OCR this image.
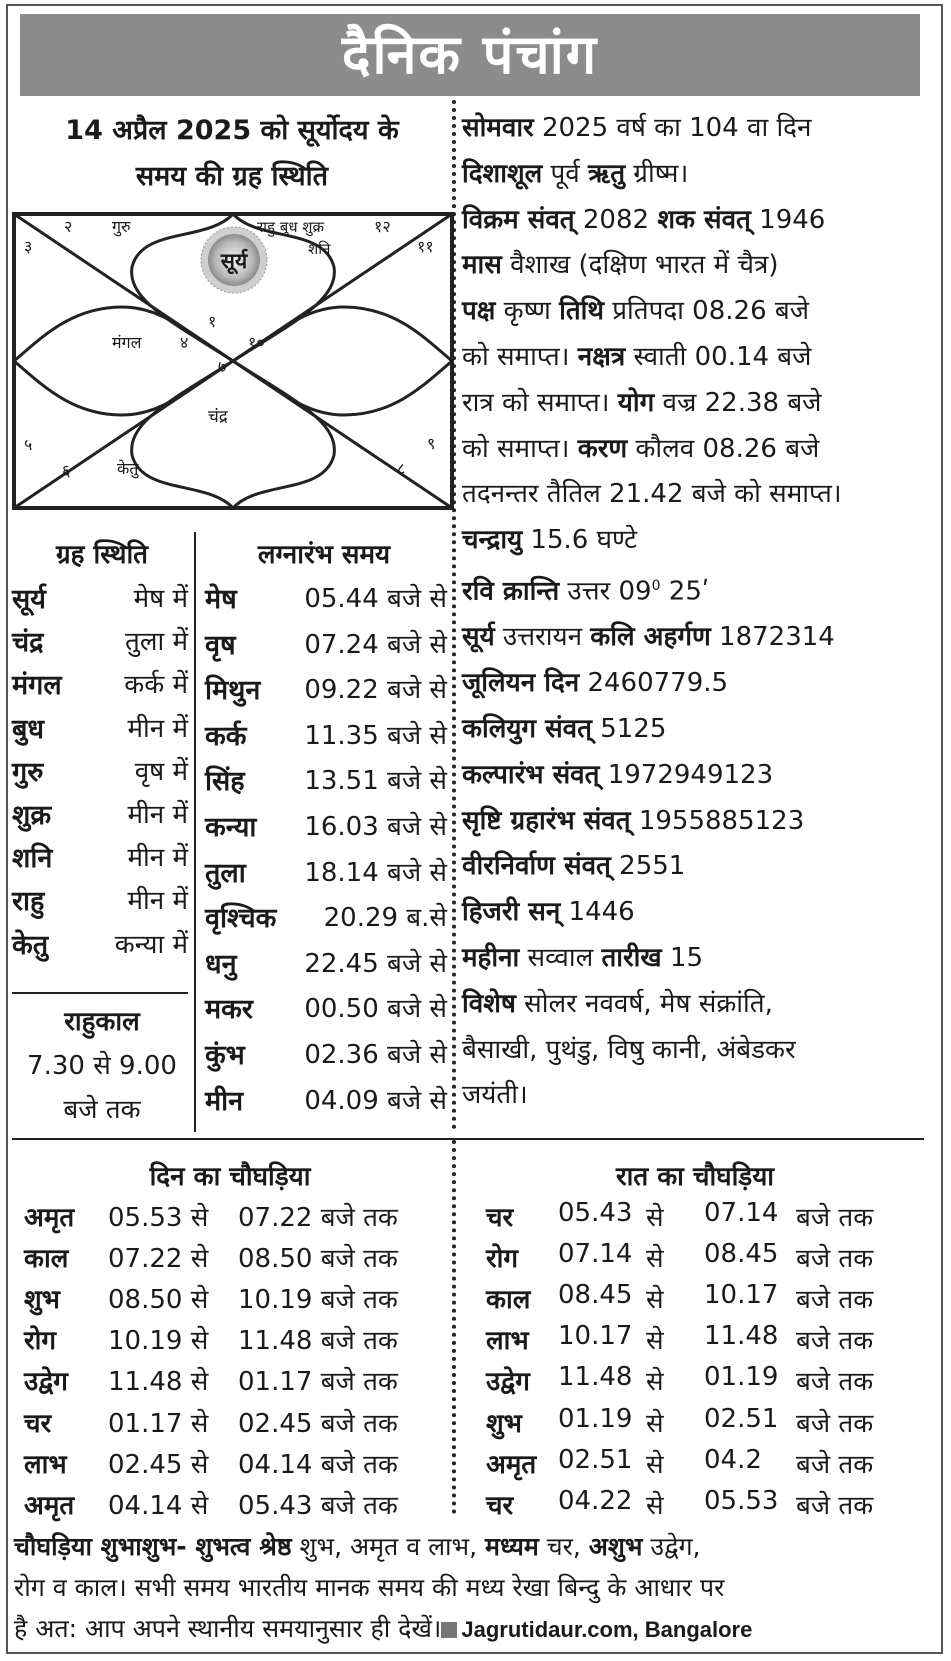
दैनिक पंचांग
14 अप्रैल 2025 को सूर्योदय के
समय की ग्रह स्थिति
सूर्य
गुरु	राहु बुध शुक्र
शनि
मंगल
चंद्र
केतु
१
२
३
४
५
६
७
८
९
१०
११
१२
सोमवार 2025 वर्ष का 104 वा दिन
दिशाशूल पूर्व ऋतु ग्रीष्म।
विक्रम संवत् 2082 शक संवत् 1946
मास वैशाख (दक्षिण भारत में चैत्र)
पक्ष कृष्ण तिथि प्रतिपदा 08.26 बजे
को समाप्त। नक्षत्र स्वाती 00.14 बजे
रात्र को समाप्त। योग वज्र 22.38 बजे
को समाप्त। करण कौलव 08.26 बजे
तदनन्तर तैतिल 21.42 बजे को समाप्त।
चन्द्रायु 15.6 घण्टे
रवि क्रान्ति उत्तर $09^0$ 25ʹ
सूर्य उत्तरायन कलि अहर्गण 1872314
जूलियन दिन 2460779.5
कलियुग संवत् 5125
कल्पारंभ संवत् 1972949123
सृष्टि ग्रहारंभ संवत् 1955885123
वीरनिर्वाण संवत् 2551
हिजरी सन् 1446
महीना सव्वाल तारीख 15
विशेष सोलर नववर्ष, मेष संक्रांति,
बैसाखी, पुथंडु, विषु कानी, अंबेडकर
जयंती।
ग्रह स्थिति	लग्नारंभ समय
सूर्य	मेष में
चंद्र	तुला में
मंगल	कर्क में
बुध	मीन में
गुरु	वृष में
शुक्र	मीन में
शनि	मीन में
राहु	मीन में
केतु	कन्या में
मेष	05.44 बजे से
वृष	07.24 बजे से
मिथुन	09.22 बजे से
कर्क	11.35 बजे से
सिंह	13.51 बजे से
कन्या	16.03 बजे से
तुला	18.14 बजे से
वृश्चिक	20.29 ब.से
धनु	22.45 बजे से
मकर	00.50 बजे से
कुंभ	02.36 बजे से
मीन	04.09 बजे से
राहुकाल
7.30 से 9.00
बजे तक
दिन का चौघड़िया	रात का चौघड़िया
अमृत 05.53 से 07.22 बजे तक
काल 07.22 से 08.50 बजे तक
शुभ 08.50 से 10.19 बजे तक
रोग 10.19 से 11.48 बजे तक
उद्वेग 11.48 से 01.17 बजे तक
चर 01.17 से 02.45 बजे तक
लाभ 02.45 से 04.14 बजे तक
अमृत 04.14 से 05.43 बजे तक
चर 05.43 से 07.14 बजे तक
रोग 07.14 से 08.45 बजे तक
काल 08.45 से 10.17 बजे तक
लाभ 10.17 से 11.48 बजे तक
उद्वेग 11.48 से 01.19 बजे तक
शुभ 01.19 से 02.51 बजे तक
अमृत 02.51 से 04.2 बजे तक
चर 04.22 से 05.53 बजे तक
चौघड़िया शुभाशुभ- शुभत्व श्रेष्ठ शुभ, अमृत व लाभ, मध्यम चर, अशुभ उद्वेग,
रोग व काल। सभी समय भारतीय मानक समय की मध्य रेखा बिन्दु के आधार पर
है अत: आप अपने स्थानीय समयानुसार ही देखें। Jagrutidaur.com, Bangalore
